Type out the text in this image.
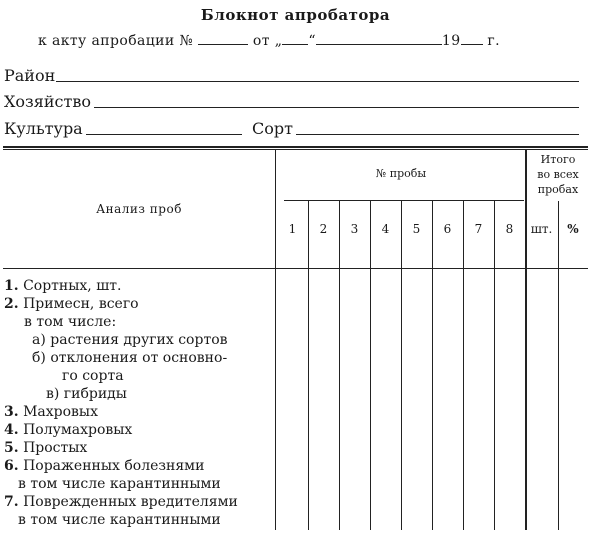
Блокнот апробатора
к акту апробации №	от „ “	19 г.
Район
Хозяйство
Культура	Сорт
Анализ проб
№ пробы
Итого
во всех
пробах
1	2	3	4	5	6	7	8	шт.	%
1. Сортных, шт.
2. Примесн, всего
в том числе:
а) растения других сортов
б) отклонения от основно-
го сорта
в) гибриды
3. Махровых
4. Полумахровых
5. Простых
6. Пораженных болезнями
в том числе карантинными
7. Поврежденных вредителями
в том числе карантинными
